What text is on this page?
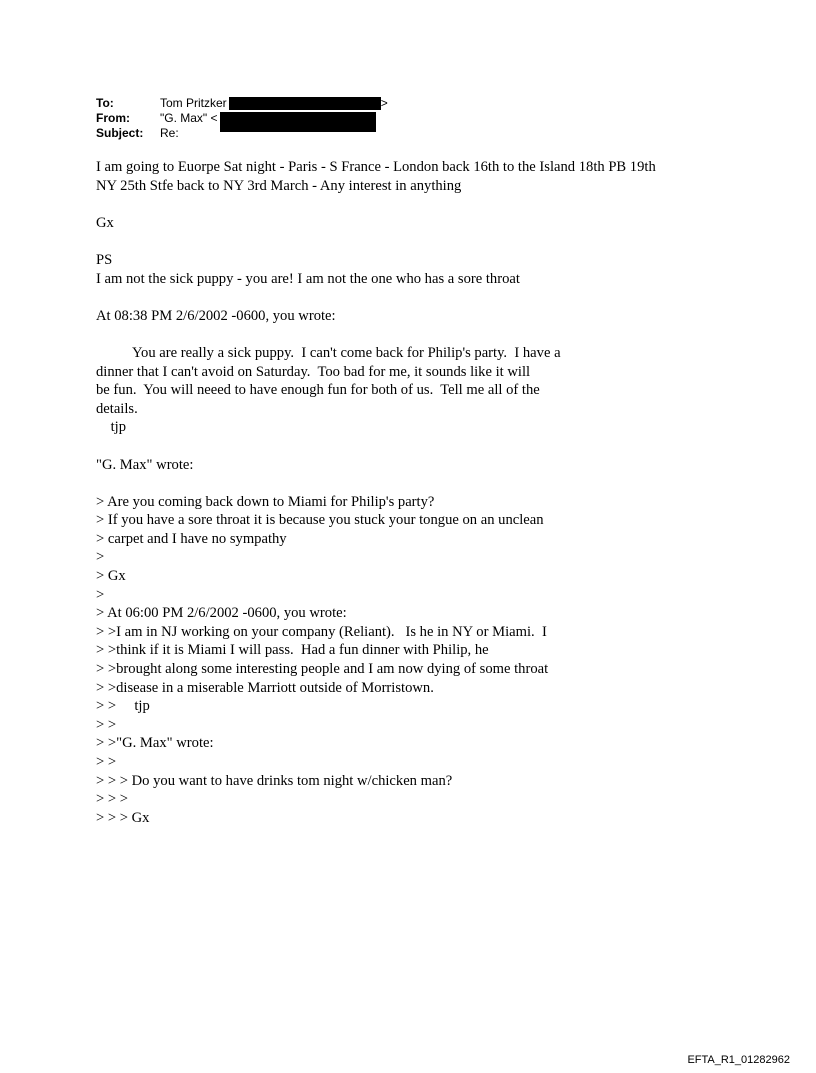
To:	Tom Pritzker	>
From:	"G. Max" <
Subject:	Re:
I am going to Euorpe Sat night - Paris - S France - London back 16th to the Island 18th PB 19th
NY 25th Stfe back to NY 3rd March - Any interest in anything
Gx
PS
I am not the sick puppy - you are! I am not the one who has a sore throat
At 08:38 PM 2/6/2002 -0600, you wrote:
You are really a sick puppy.  I can't come back for Philip's party.  I have a
dinner that I can't avoid on Saturday.  Too bad for me, it sounds like it will
be fun.  You will neeed to have enough fun for both of us.  Tell me all of the
details.
tjp
"G. Max" wrote:
> Are you coming back down to Miami for Philip's party?
> If you have a sore throat it is because you stuck your tongue on an unclean
> carpet and I have no sympathy
>
> Gx
>
> At 06:00 PM 2/6/2002 -0600, you wrote:
> >I am in NJ working on your company (Reliant).   Is he in NY or Miami.  I
> >think if it is Miami I will pass.  Had a fun dinner with Philip, he
> >brought along some interesting people and I am now dying of some throat
> >disease in a miserable Marriott outside of Morristown.
> >     tjp
> >
> >"G. Max" wrote:
> >
> > > Do you want to have drinks tom night w/chicken man?
> > >
> > > Gx
EFTA_R1_01282962
